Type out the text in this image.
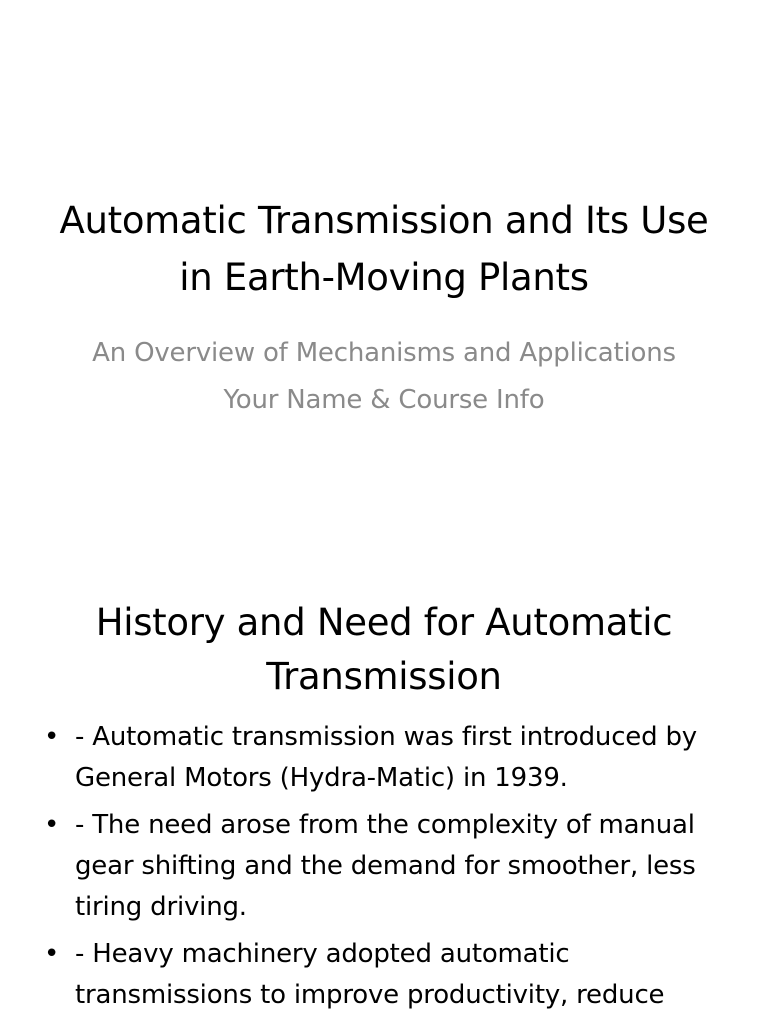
Automatic Transmission and Its Use in Earth-Moving Plants
An Overview of Mechanisms and Applications
Your Name & Course Info
History and Need for Automatic Transmission
• - Automatic transmission was first introduced by General Motors (Hydra-Matic) in 1939.
• - The need arose from the complexity of manual gear shifting and the demand for smoother, less tiring driving.
• - Heavy machinery adopted automatic transmissions to improve productivity, reduce
